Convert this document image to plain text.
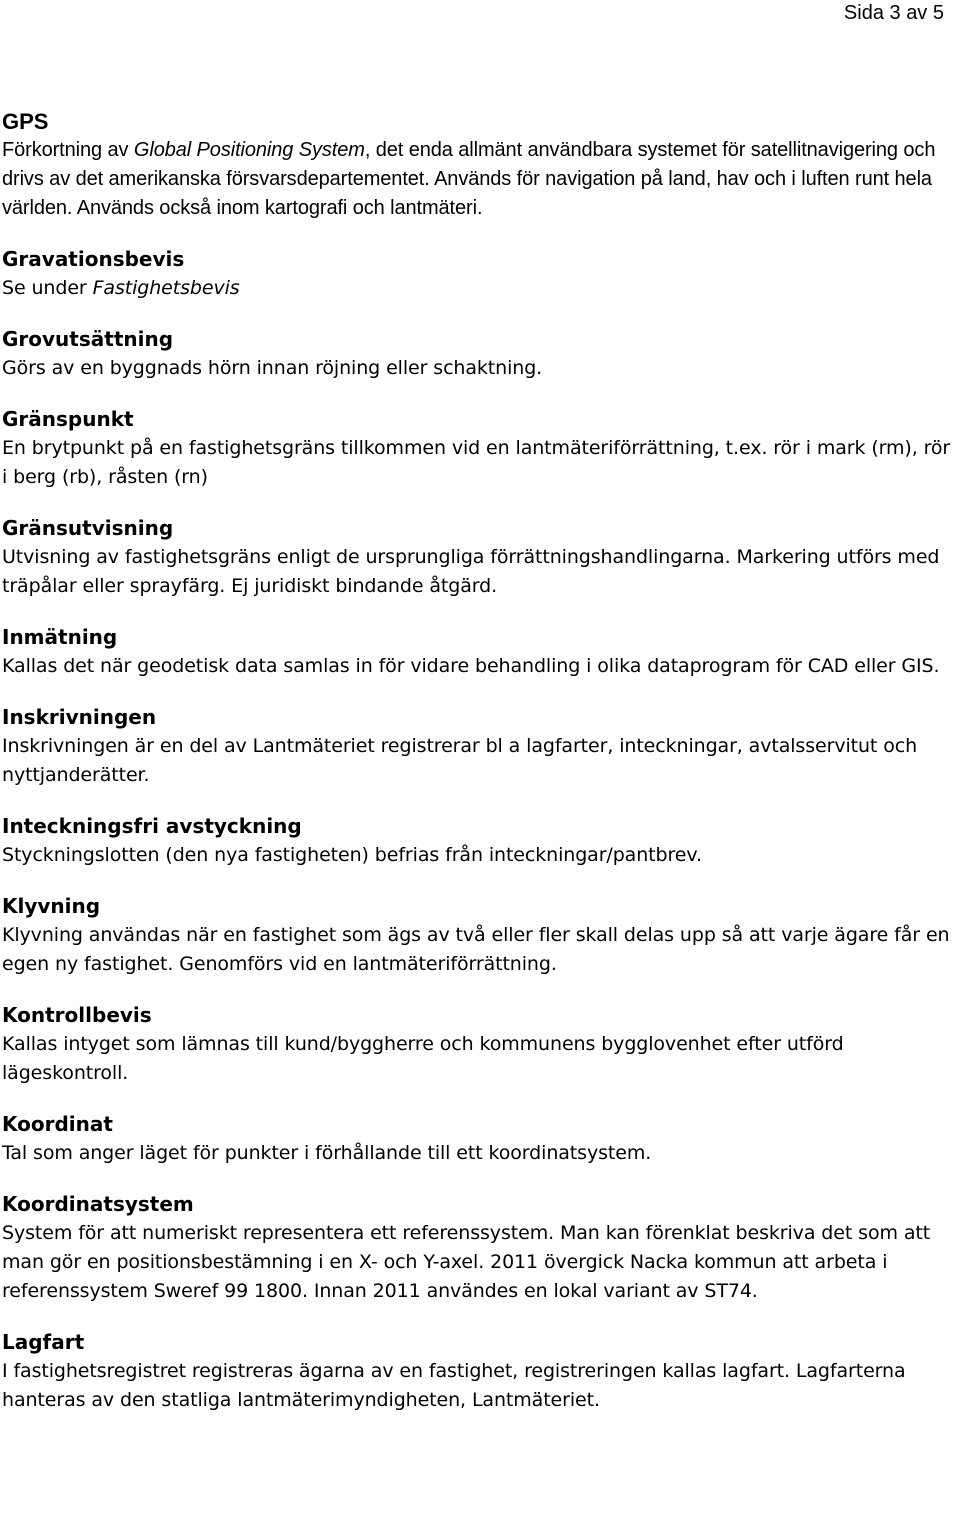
Sida 3 av 5

GPS

Förkortning av Global Positioning System, det enda allmänt användbara systemet för satellitnavigering och drivs av det amerikanska försvarsdepartementet. Används för navigation på land, hav och i luften runt hela världen. Används också inom kartografi och lantmäteri.

Gravationsbevis

Se under Fastighetsbevis

Grovutsättning

Görs av en byggnads hörn innan röjning eller schaktning.

Gränspunkt

En brytpunkt på en fastighetsgräns tillkommen vid en lantmäteriförrättning, t.ex. rör i mark (rm), rör i berg (rb), råsten (rn)

Gränsutvisning

Utvisning av fastighetsgräns enligt de ursprungliga förrättningshandlingarna. Markering utförs med träpålar eller sprayfärg. Ej juridiskt bindande åtgärd.

Inmätning

Kallas det när geodetisk data samlas in för vidare behandling i olika dataprogram för CAD eller GIS.

Inskrivningen

Inskrivningen är en del av Lantmäteriet registrerar bl a lagfarter, inteckningar, avtalsservitut och nyttjanderätter.

Inteckningsfri avstyckning

Styckningslotten (den nya fastigheten) befrias från inteckningar/pantbrev.

Klyvning

Klyvning användas när en fastighet som ägs av två eller fler skall delas upp så att varje ägare får en egen ny fastighet. Genomförs vid en lantmäteriförrättning.

Kontrollbevis

Kallas intyget som lämnas till kund/byggherre och kommunens bygglovenhet efter utförd lägeskontroll.

Koordinat

Tal som anger läget för punkter i förhållande till ett koordinatsystem.

Koordinatsystem

System för att numeriskt representera ett referenssystem. Man kan förenklat beskriva det som att man gör en positionsbestämning i en X- och Y-axel. 2011 övergick Nacka kommun att arbeta i referenssystem Sweref 99 1800. Innan 2011 användes en lokal variant av ST74.

Lagfart

I fastighetsregistret registreras ägarna av en fastighet, registreringen kallas lagfart. Lagfarterna hanteras av den statliga lantmäterimyndigheten, Lantmäteriet.
